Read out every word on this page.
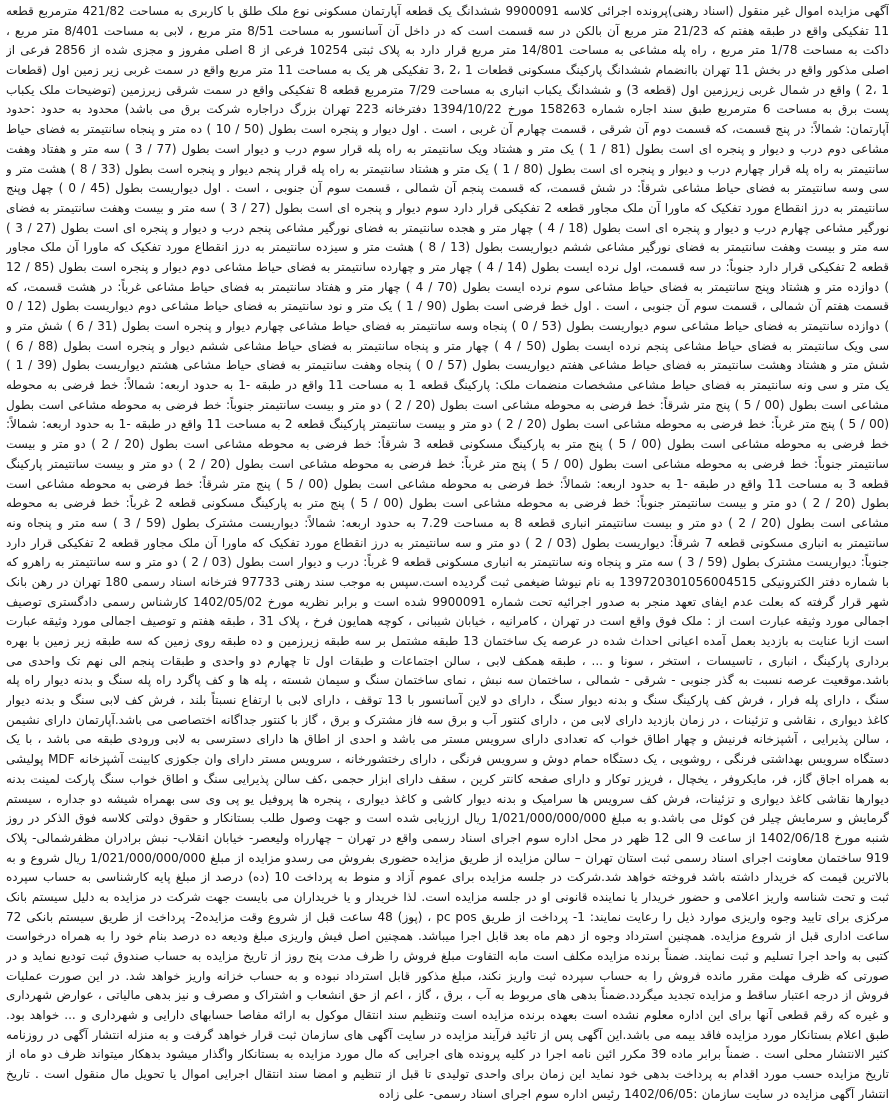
آگهی مزایده اموال غیر منقول (اسناد رهنی)پرونده اجرائی کلاسه 9900091 ششدانگ یک قطعه آپارتمان مسکونی نوع ملک طلق با کاربری به مساحت 421/82 مترمربع قطعه 11 تفکیکی واقع در طبقه هفتم که 21/23 متر مربع آن بالکن در سه قسمت است که در داخل آن آسانسور به مساحت 8/51 متر مربع ، لابی به مساحت 8/401 متر مربع ، داکت به مساحت 1/78 متر مربع ، راه پله مشاعی به مساحت 14/801 متر مربع قرار دارد به پلاک ثبتی 10254 فرعی از 8 اصلی مفروز و مجزی شده از 2856 فرعی از اصلی مذکور واقع در بخش 11 تهران باانضمام ششدانگ پارکینگ مسکونی قطعات 1 ،2 ،3 تفکیکی هر یک به مساحت 11 متر مربع واقع در سمت غربی زیر زمین اول (قطعات 1 ،2 ) واقع در شمال غربی زیرزمین اول (قطعه 3) و ششدانگ یکباب انباری به مساحت 7/29 مترمربع قطعه 8 تفکیکی واقع در سمت شرقی زیرزمین (توضیحات ملک یکباب پست برق به مساحت 6 مترمربع طبق سند اجاره شماره 158263 مورخ 1394/10/22 دفترخانه 223 تهران بزرگ دراجاره شرکت برق می باشد) محدود به حدود :حدود آپارتمان: شمالاً: در پنج قسمت، که قسمت دوم آن شرقی ، قسمت چهارم آن غربی ، است . اول دیوار و پنجره است بطول (50 / 10 ) ده متر و پنجاه سانتیمتر به فضای حیاط مشاعی دوم درب و دیوار و پنجره ای است بطول (81 / 1 ) یک متر و هشتاد ویک سانتیمتر به راه پله قرار سوم درب و دیوار است بطول (77 / 3 ) سه متر و هفتاد وهفت سانتیمتر به راه پله قرار چهارم درب و دیوار و پنجره ای است بطول (80 / 1 ) یک متر و هشتاد سانتیمتر به راه پله قرار پنجم دیوار و پنجره است بطول (33 / 8 ) هشت متر و سی وسه سانتیمتر به فضای حیاط مشاعی شرقاً: در شش قسمت، که قسمت پنجم آن شمالی ، قسمت سوم آن جنوبی ، است . اول دیواریست بطول (45 / 0 ) چهل وپنج سانتیمتر به درز انقطاع مورد تفکیک که ماورا آن ملک مجاور قطعه 2 تفکیکی قرار دارد سوم دیوار و پنجره ای است بطول (27 / 3 ) سه متر و بیست وهفت سانتیمتر به فضای نورگیر مشاعی چهارم درب و دیوار و پنجره ای است بطول (18 / 4 ) چهار متر و هجده سانتیمتر به فضای نورگیر مشاعی پنجم درب و دیوار و پنجره ای است بطول (27 / 3 ) سه متر و بیست وهفت سانتیمتر به فضای نورگیر مشاعی ششم دیواریست بطول (13 / 8 ) هشت متر و سیزده سانتیمتر به درز انقطاع مورد تفکیک که ماورا آن ملک مجاور قطعه 2 تفکیکی قرار دارد جنوباً: در سه قسمت، اول نرده ایست بطول (14 / 4 ) چهار متر و چهارده سانتیمتر به فضای حیاط مشاعی دوم دیوار و پنجره است بطول (85 / 12 ) دوازده متر و هشتاد وپنج سانتیمتر به فضای حیاط مشاعی سوم نرده ایست بطول (70 / 4 ) چهار متر و هفتاد سانتیمتر به فضای حیاط مشاعی غرباً: در هشت قسمت، که قسمت هفتم آن شمالی ، قسمت سوم آن جنوبی ، است . اول خط فرضی است بطول (90 / 1 ) یک متر و نود سانتیمتر به فضای حیاط مشاعی دوم دیواریست بطول (12 / 0 ) دوازده سانتیمتر به فضای حیاط مشاعی سوم دیواریست بطول (53 / 0 ) پنجاه وسه سانتیمتر به فضای حیاط مشاعی چهارم دیوار و پنجره است بطول (31 / 6 ) شش متر و سی ویک سانتیمتر به فضای حیاط مشاعی پنجم نرده ایست بطول (50 / 4 ) چهار متر و پنجاه سانتیمتر به فضای حیاط مشاعی ششم دیوار و پنجره است بطول (88 / 6 ) شش متر و هشتاد وهشت سانتیمتر به فضای حیاط مشاعی هفتم دیواریست بطول (57 / 0 ) پنجاه وهفت سانتیمتر به فضای حیاط مشاعی هشتم دیواریست بطول (39 / 1 ) یک متر و سی ونه سانتیمتر به فضای حیاط مشاعی مشخصات منضمات ملک: پارکینگ قطعه 1 به مساحت 11 واقع در طبقه -1 به حدود اربعه: شمالاً: خط فرضی به محوطه مشاعی است بطول (00 / 5 ) پنج متر شرقاً: خط فرضی به محوطه مشاعی است بطول (20 / 2 ) دو متر و بیست سانتیمتر جنوباً: خط فرضی به محوطه مشاعی است بطول (00 / 5 ) پنج متر غرباً: خط فرضی به محوطه مشاعی است بطول (20 / 2 ) دو متر و بیست سانتیمتر پارکینگ قطعه 2 به مساحت 11 واقع در طبقه -1 به حدود اربعه: شمالاً: خط فرضی به محوطه مشاعی است بطول (00 / 5 ) پنج متر به پارکینگ مسکونی قطعه 3 شرقاً: خط فرضی به محوطه مشاعی است بطول (20 / 2 ) دو متر و بیست سانتیمتر جنوباً: خط فرضی به محوطه مشاعی است بطول (00 / 5 ) پنج متر غرباً: خط فرضی به محوطه مشاعی است بطول (20 / 2 ) دو متر و بیست سانتیمتر پارکینگ قطعه 3 به مساحت 11 واقع در طبقه -1 به حدود اربعه: شمالاً: خط فرضی به محوطه مشاعی است بطول (00 / 5 ) پنج متر شرقاً: خط فرضی به محوطه مشاعی است بطول (20 / 2 ) دو متر و بیست سانتیمتر جنوباً: خط فرضی به محوطه مشاعی است بطول (00 / 5 ) پنج متر به پارکینگ مسکونی قطعه 2 غرباً: خط فرضی به محوطه مشاعی است بطول (20 / 2 ) دو متر و بیست سانتیمتر انباری قطعه 8 به مساحت 7.29 به حدود اربعه: شمالاً: دیواریست مشترک بطول (59 / 3 ) سه متر و پنجاه ونه سانتیمتر به انباری مسکونی قطعه 7 شرقاً: دیواریست بطول (03 / 2 ) دو متر و سه سانتیمتر به درز انقطاع مورد تفکیک که ماورا آن ملک مجاور قطعه 2 تفکیکی قرار دارد جنوباً: دیواریست مشترک بطول (59 / 3 ) سه متر و پنجاه ونه سانتیمتر به انباری مسکونی قطعه 9 غرباً: درب و دیوار است بطول (03 / 2 ) دو متر و سه سانتیمتر به راهرو که با شماره دفتر الکترونیکی 139720301056004515 به نام نیوشا ضیغمی ثبت گردیده است.سپس به موجب سند رهنی 97733 فترخانه اسناد رسمی 180 تهران در رهن بانک شهر قرار گرفته که بعلت عدم ایفای تعهد منجر به صدور اجرائیه تحت شماره 9900091 شده است و برابر نظریه مورخ 1402/05/02 کارشناس رسمی دادگستری توصیف اجمالی مورد وثیقه عبارت است از : ملک فوق واقع است در تهران ، کامرانیه ، خیابان شیبانی ، کوچه همایون فرخ ، پلاک 31 ، طبقه هفتم و توصیف اجمالی مورد وثیقه عبارت است ازبا عنایت به بازدید بعمل آمده اعیانی احداث شده در عرصه یک ساختمان 13 طبقه مشتمل بر سه طبقه زیرزمین و ده طبقه روی زمین که سه طبقه زیر زمین با بهره برداری پارکینگ ، انباری ، تاسیسات ، استخر ، سونا و ... ، طبقه همکف لابی ، سالن اجتماعات و طبقات اول تا چهارم دو واحدی و طبقات پنجم الی نهم تک واحدی می باشد.موقعیت عرصه نسبت به گذر جنوبی - شرقی - شمالی ، ساختمان سه نبش ، نمای ساختمان سنگ و سیمان شسته ، پله ها و کف پاگرد راه پله سنگ و بدنه دیوار راه پله سنگ ، دارای پله فرار ، فرش کف پارکینگ سنگ و بدنه دیوار سنگ ، دارای دو لاین آسانسور با 13 توقف ، دارای لابی با ارتفاع نسبتاً بلند ، فرش کف لابی سنگ و بدنه دیوار کاغذ دیواری ، نقاشی و تزئینات ، در زمان بازدید دارای لابی من ، دارای کنتور آب و برق سه فاز مشترک و برق ، گاز با کنتور جداگانه اختصاصی می باشد.آپارتمان دارای نشیمن ، سالن پذیرایی ، آشپزخانه فرنیش و چهار اطاق خواب که تعدادی دارای سرویس مستر می باشد و احدی از اطاق ها دارای دسترسی به لابی ورودی طبقه می باشد ، با یک دستگاه سرویس بهداشتی فرنگی ، روشویی ، یک دستگاه حمام دوش و سرویس فرنگی ، دارای رختشورخانه ، سرویس مستر دارای وان جکوزی کابینت آشپزخانه MDF پولیشی به همراه اجاق گاز، فر، مایکروفر ، یخچال ، فریزر توکار و دارای صفحه کانتر کرین ، سقف دارای ابزار حجمی ،کف سالن پذیرایی سنگ و اطاق خواب سنگ پارکت لمینت بدنه دیوارها نقاشی کاغذ دیواری و تزئینات، فرش کف سرویس ها سرامیک و بدنه دیوار کاشی و کاغذ دیواری ، پنجره ها پروفیل یو پی وی سی بهمراه شیشه دو جداره ، سیستم گرمایش و سرمایش چیلر فن کوئل می باشد.و به مبلغ 1/021/000/000/000 ریال ارزیابی شده است و جهت وصول طلب بستانکار و حقوق دولتی کلاسه فوق الذکر در روز شنبه مورخ 1402/06/18 از ساعت 9 الی 12 ظهر در محل اداره سوم اجرای اسناد رسمی واقع در تهران – چهارراه ولیعصر- خیابان انقلاب- نبش برادران مظفرشمالی- پلاک 919 ساختمان معاونت اجرای اسناد رسمی ثبت استان تهران – سالن مزایده از طریق مزایده حضوری بفروش می رسدو مزایده از مبلغ 1/021/000/000/000 ریال شروع و به بالاترین قیمت که خریدار داشته باشد فروخته خواهد شد.شرکت در جلسه مزایده برای عموم آزاد و منوط به پرداخت 10 (ده) درصد از مبلغ پایه کارشناسی به حساب سپرده ثبت و تحت شناسه واریز اعلامی و حضور خریدار یا نماینده قانونی او در جلسه مزایده است. لذا خریدار و یا خریداران می بایست جهت شرکت در مزایده به دلیل سیستم بانک مرکزی برای تایید وجوه واریزی موارد ذیل را رعایت نمایند: 1- پرداخت از طریق pc pos ، (پوز) 48 ساعت قبل از شروع وقت مزایده2- پرداخت از طریق سیستم بانکی 72 ساعت اداری قبل از شروع مزایده. همچنین استرداد وجوه از دهم ماه بعد قابل اجرا میباشد. همچنین اصل فیش واریزی مبلغ ودیعه ده درصد بنام خود را به همراه درخواست کتبی به واحد اجرا تسلیم و ثبت نمایند. ضمناً برنده مزایده مکلف است مابه التفاوت مبلغ فروش را ظرف مدت پنج روز از تاریخ مزایده به حساب صندوق ثبت تودیع نماید و در صورتی که ظرف مهلت مقرر مانده فروش را به حساب سپرده ثبت واریز نکند، مبلغ مذکور قابل استرداد نبوده و به حساب خزانه واریز خواهد شد. در این صورت عملیات فروش از درجه اعتبار ساقط و مزایده تجدید میگردد.ضمناً بدهی های مربوط به آب ، برق ، گاز ، اعم از حق انشعاب و اشتراک و مصرف و نیز بدهی مالیاتی ، عوارض شهرداری و غیره که رقم قطعی آنها برای این اداره معلوم نشده است بعهده برنده مزایده است وتنظیم سند انتقال موکول به ارائه مفاصا حسابهای دارایی و شهرداری و ... خواهد بود. طبق اعلام بستانکار مورد مزایده فاقد بیمه می باشد.این آگهی پس از تائید فرآیند مزایده در سایت آگهی های سازمان ثبت قرار خواهد گرفت و به منزله انتشار آگهی در روزنامه کثیر الانتشار محلی است . ضمناً برابر ماده 39 مکرر ائین نامه اجرا در کلیه پرونده های اجرایی که مال مورد مزایده به بستانکار واگذار میشود بدهکار میتواند ظرف دو ماه از تاریخ مزایده حسب مورد اقدام به پرداخت بدهی خود نماید این زمان برای واحدی تولیدی تا قبل از تنظیم و امضا سند انتقال اجرایی اموال یا تحویل مال منقول است . تاریخ انتشار آگهی مزایده در سایت سازمان :1402/06/05 رئیس اداره سوم اجرای اسناد رسمی- علی زاده
